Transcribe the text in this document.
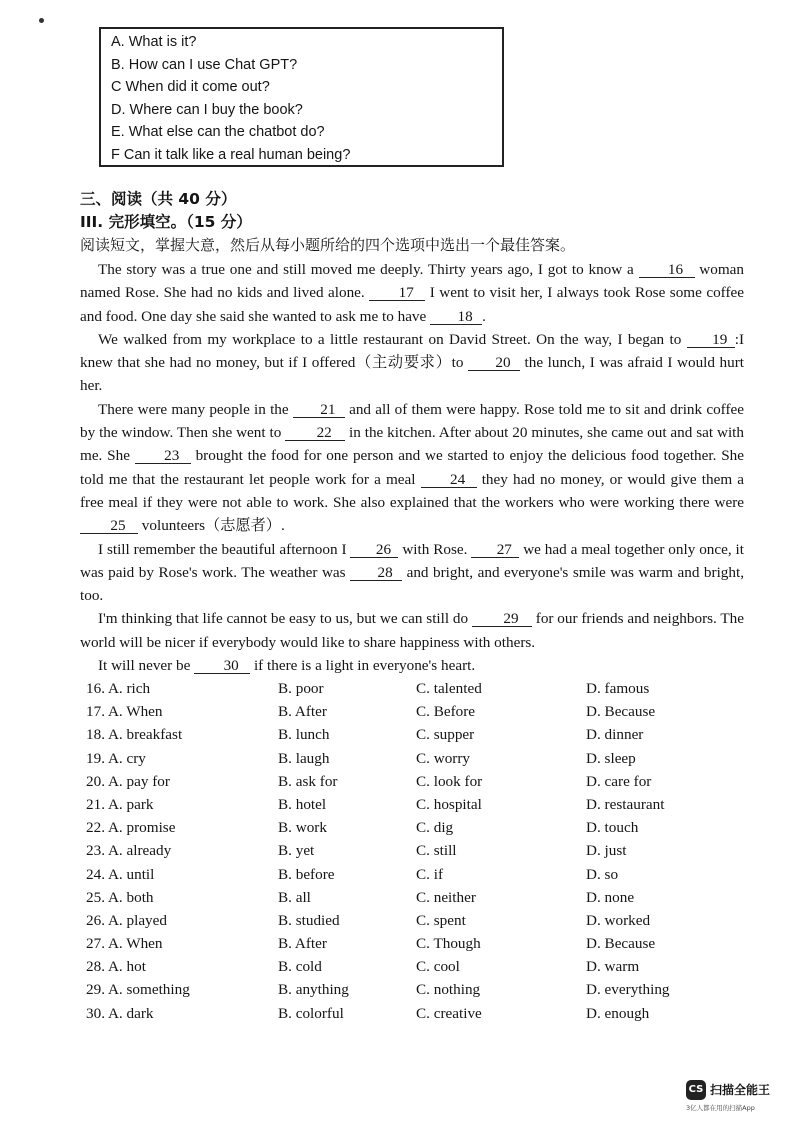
A. What is it?
B. How can I use Chat GPT?
C When did it come out?
D. Where can I buy the book?
E. What else can the chatbot do?
F Can it talk like a real human being?
三、阅读（共 40 分）
III. 完形填空。（15 分）
阅读短文，掌握大意，然后从每小题所给的四个选项中选出一个最佳答案。

The story was a true one and still moved me deeply. Thirty years ago, I got to know a 16 woman named Rose. She had no kids and lived alone. 17 I went to visit her, I always took Rose some coffee and food. One day she said she wanted to ask me to have 18 .

We walked from my workplace to a little restaurant on David Street. On the way, I began to 19 :I knew that she had no money, but if I offered（主动要求）to 20 the lunch, I was afraid I would hurt her.

There were many people in the 21 and all of them were happy. Rose told me to sit and drink coffee by the window. Then she went to 22 in the kitchen. After about 20 minutes, she came out and sat with me. She 23 brought the food for one person and we started to enjoy the delicious food together. She told me that the restaurant let people work for a meal 24 they had no money, or would give them a free meal if they were not able to work. She also explained that the workers who were working there were 25 volunteers（志愿者）.

I still remember the beautiful afternoon I 26 with Rose. 27 we had a meal together only once, it was paid by Rose's work. The weather was 28 and bright, and everyone's smile was warm and bright, too.

I'm thinking that life cannot be easy to us, but we can still do 29 for our friends and neighbors. The world will be nicer if everybody would like to share happiness with others.

It will never be 30 if there is a light in everyone's heart.

16. A. rich	B. poor	C. talented	D. famous
17. A. When	B. After	C. Before	D. Because
18. A. breakfast	B. lunch	C. supper	D. dinner
19. A. cry	B. laugh	C. worry	D. sleep
20. A. pay for	B. ask for	C. look for	D. care for
21. A. park	B. hotel	C. hospital	D. restaurant
22. A. promise	B. work	C. dig	D. touch
23. A. already	B. yet	C. still	D. just
24. A. until	B. before	C. if	D. so
25. A. both	B. all	C. neither	D. none
26. A. played	B. studied	C. spent	D. worked
27. A. When	B. After	C. Though	D. Because
28. A. hot	B. cold	C. cool	D. warm
29. A. something	B. anything	C. nothing	D. everything
30. A. dark	B. colorful	C. creative	D. enough
CS 扫描全能王
3亿人都在用的扫描App
